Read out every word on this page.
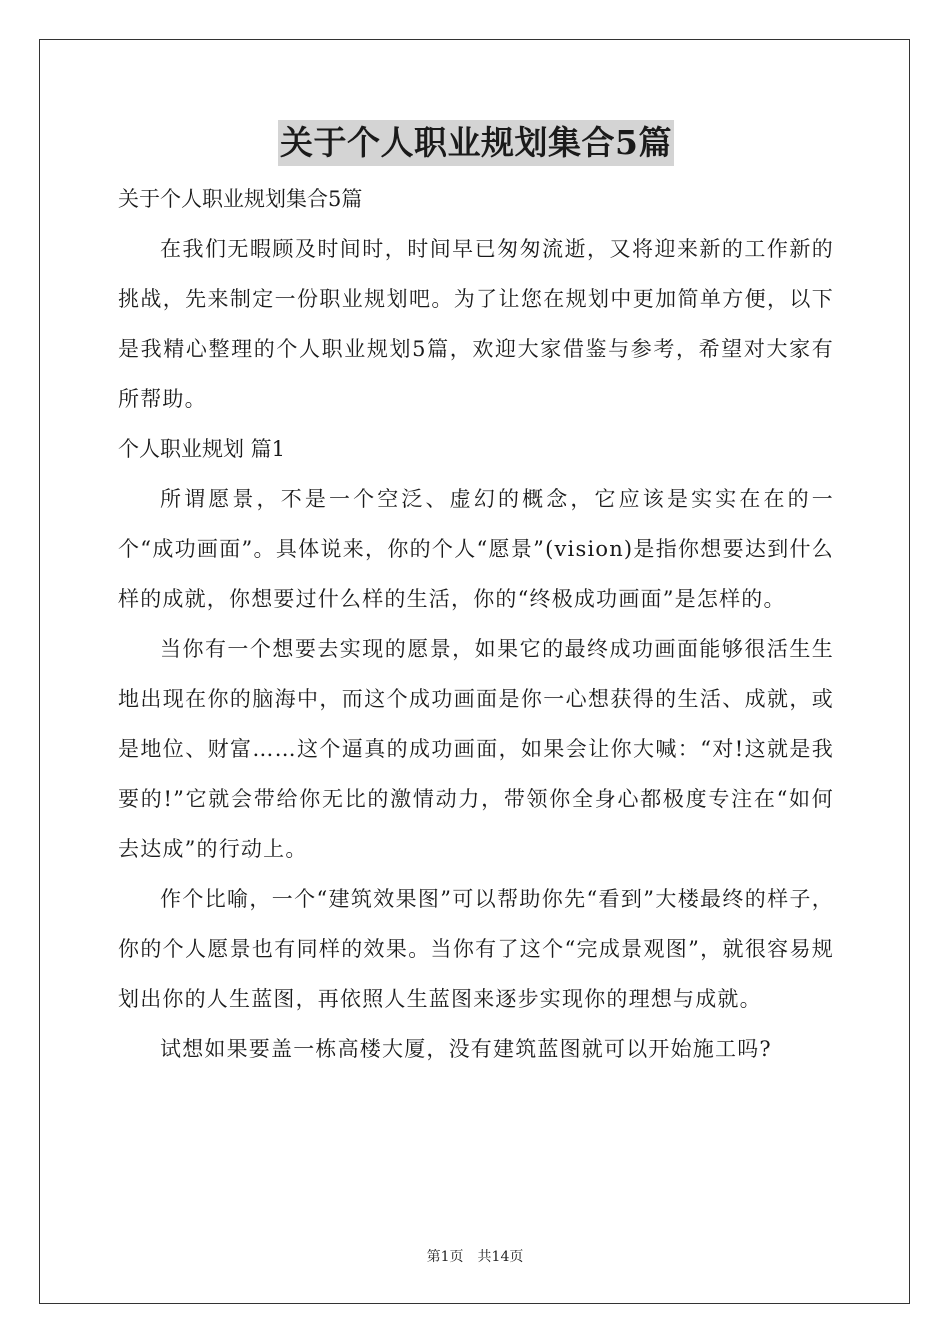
关于个人职业规划集合5篇

关于个人职业规划集合5篇

在我们无暇顾及时间时，时间早已匆匆流逝，又将迎来新的工作新的挑战，先来制定一份职业规划吧。为了让您在规划中更加简单方便，以下是我精心整理的个人职业规划5篇，欢迎大家借鉴与参考，希望对大家有所帮助。

个人职业规划 篇1

所谓愿景，不是一个空泛、虚幻的概念，它应该是实实在在的一个“成功画面”。具体说来，你的个人“愿景”(vision)是指你想要达到什么样的成就，你想要过什么样的生活，你的“终极成功画面”是怎样的。

当你有一个想要去实现的愿景，如果它的最终成功画面能够很活生生地出现在你的脑海中，而这个成功画面是你一心想获得的生活、成就，或是地位、财富……这个逼真的成功画面，如果会让你大喊：“对!这就是我要的!”它就会带给你无比的激情动力，带领你全身心都极度专注在“如何去达成”的行动上。

作个比喻，一个“建筑效果图”可以帮助你先“看到”大楼最终的样子，你的个人愿景也有同样的效果。当你有了这个“完成景观图”，就很容易规划出你的人生蓝图，再依照人生蓝图来逐步实现你的理想与成就。

试想如果要盖一栋高楼大厦，没有建筑蓝图就可以开始施工吗?

第1页 共14页
